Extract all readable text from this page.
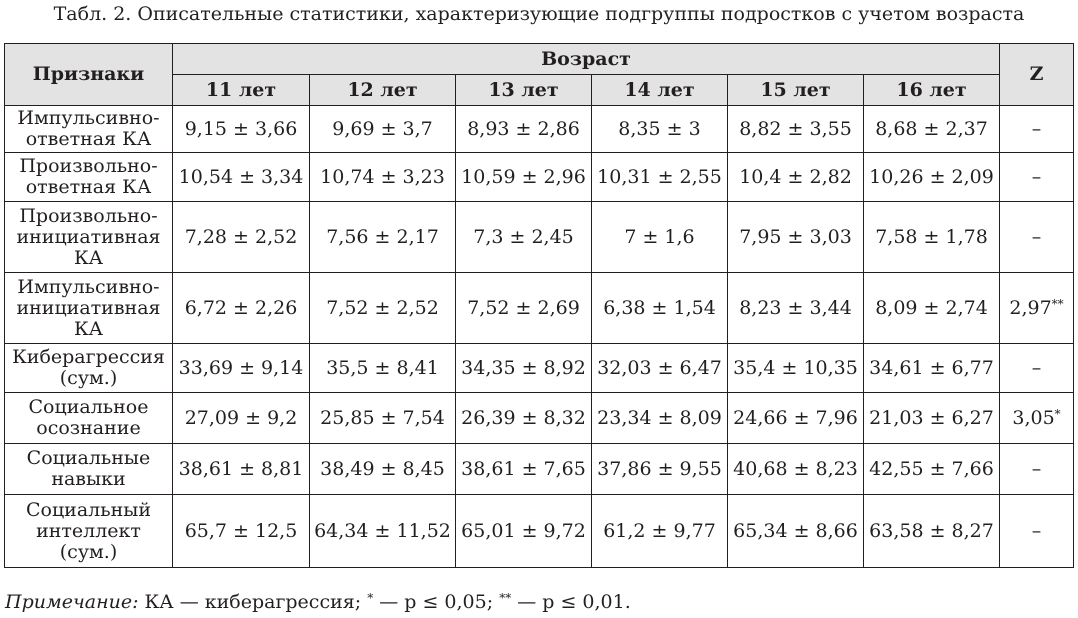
Табл. 2. Описательные статистики, характеризующие подгруппы подростков с учетом возраста
Признаки	Возраст						Z
	11 лет	12 лет	13 лет	14 лет	15 лет	16 лет	
Импульсивно-
ответная КА	9,15 ± 3,66	9,69 ± 3,7	8,93 ± 2,86	8,35 ± 3	8,82 ± 3,55	8,68 ± 2,37	–
Произвольно-
ответная КА	10,54 ± 3,34	10,74 ± 3,23	10,59 ± 2,96	10,31 ± 2,55	10,4 ± 2,82	10,26 ± 2,09	–
Произвольно-
инициативная
КА	7,28 ± 2,52	7,56 ± 2,17	7,3 ± 2,45	7 ± 1,6	7,95 ± 3,03	7,58 ± 1,78	–
Импульсивно-
инициативная
КА	6,72 ± 2,26	7,52 ± 2,52	7,52 ± 2,69	6,38 ± 1,54	8,23 ± 3,44	8,09 ± 2,74	2,97**
Кибeрагрессия
(сум.)	33,69 ± 9,14	35,5 ± 8,41	34,35 ± 8,92	32,03 ± 6,47	35,4 ± 10,35	34,61 ± 6,77	–
Социальное
осознание	27,09 ± 9,2	25,85 ± 7,54	26,39 ± 8,32	23,34 ± 8,09	24,66 ± 7,96	21,03 ± 6,27	3,05*
Социальные
навыки	38,61 ± 8,81	38,49 ± 8,45	38,61 ± 7,65	37,86 ± 9,55	40,68 ± 8,23	42,55 ± 7,66	–
Социальный
интеллект
(сум.)	65,7 ± 12,5	64,34 ± 11,52	65,01 ± 9,72	61,2 ± 9,77	65,34 ± 8,66	63,58 ± 8,27	–
Примечание: КА — кибeрагрессия; * — p ≤ 0,05; ** — p ≤ 0,01.
